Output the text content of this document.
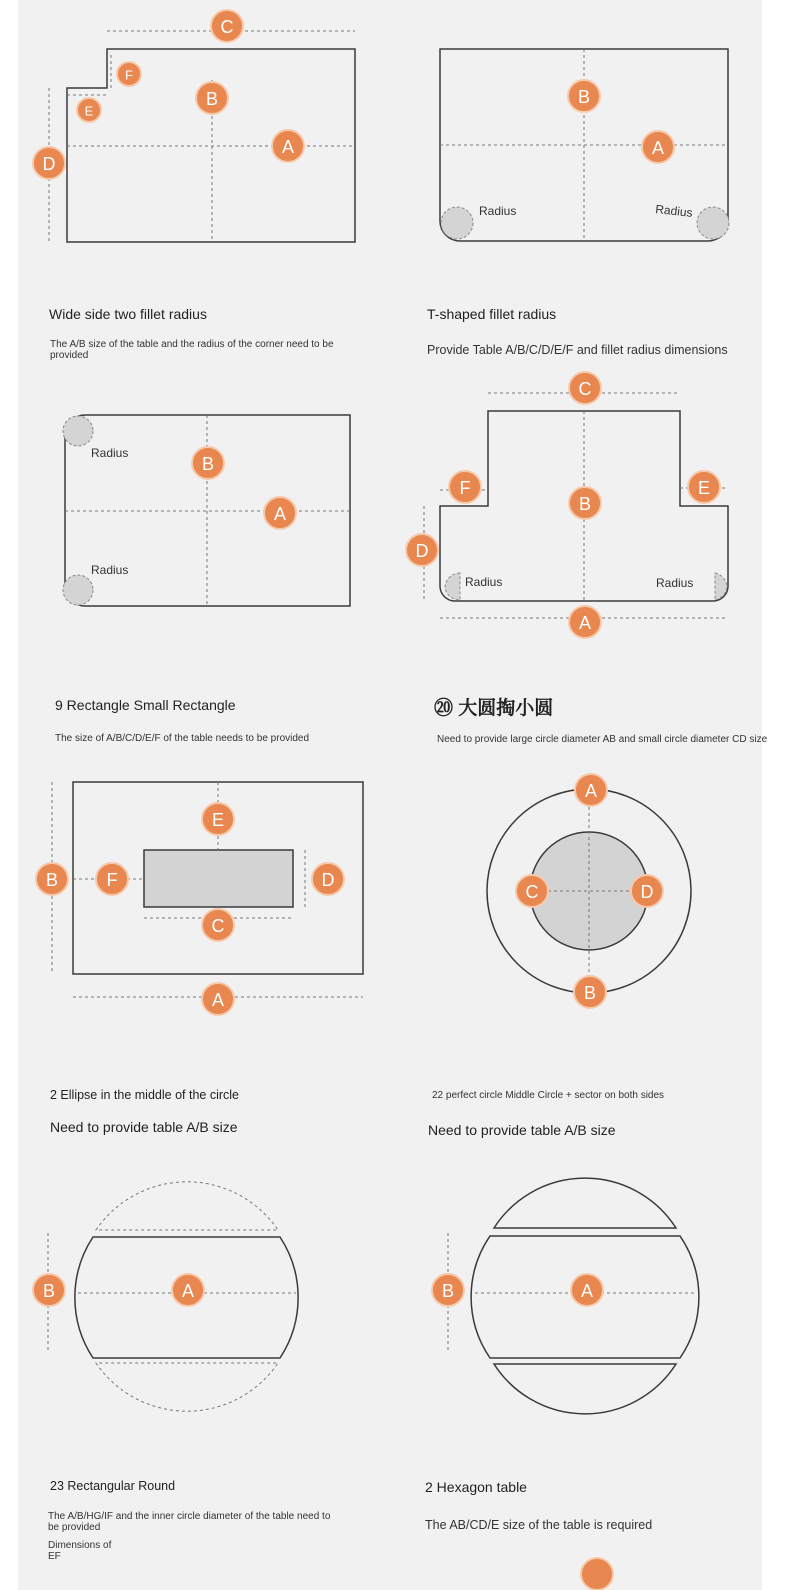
C
F
B
E
A
D
Radius	Radius
B
A
Radius
Radius
B
A
Radius	Radius
C
F
B
E
D
A
E
B	F	D
C
A
A
C	D
B
B	A	B	A
Wide side two fillet radius
The A/B size of the table and the radius of the corner need to be provided
T-shaped fillet radius
Provide Table A/B/C/D/E/F and fillet radius dimensions
9 Rectangle Small Rectangle
The size of A/B/C/D/E/F of the table needs to be provided
⑳ 大圆掏小圆
Need to provide large circle diameter AB and small circle diameter CD size
2 Ellipse in the middle of the circle
Need to provide table A/B size
22 perfect circle Middle Circle + sector on both sides
Need to provide table A/B size
23 Rectangular Round
The A/B/HG/IF and the inner circle diameter of the table need to be provided
Dimensions of EF
2 Hexagon table
The AB/CD/E size of the table is required
